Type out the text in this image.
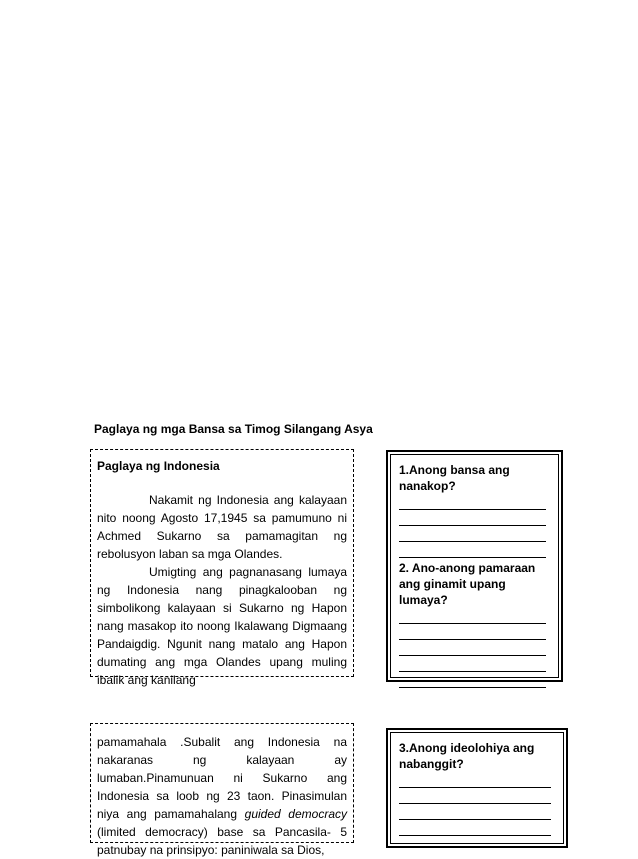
Paglaya ng mga Bansa sa Timog Silangang Asya
Paglaya ng Indonesia

Nakamit ng Indonesia ang kalayaan nito noong Agosto 17,1945 sa pamumuno ni Achmed Sukarno sa pamamagitan ng rebolusyon laban sa mga Olandes.

Umigting ang pagnanasang lumaya ng Indonesia nang pinagkalooban ng simbolikong kalayaan si Sukarno ng Hapon nang masakop ito noong Ikalawang Digmaang Pandaigdig. Ngunit nang matalo ang Hapon dumating ang mga Olandes upang muling ibalik ang kanilang

pamamahala .Subalit ang Indonesia na nakaranas ng kalayaan ay lumaban.Pinamunuan ni Sukarno ang Indonesia sa loob ng 23 taon. Pinasimulan niya ang pamamahalang guided democracy (limited democracy) base sa Pancasila- 5 patnubay na prinsipyo: paniniwala sa Dios,

1.Anong bansa ang nanakop?

2. Ano-anong pamaraan ang ginamit upang lumaya?

3.Anong ideolohiya ang nabanggit?
